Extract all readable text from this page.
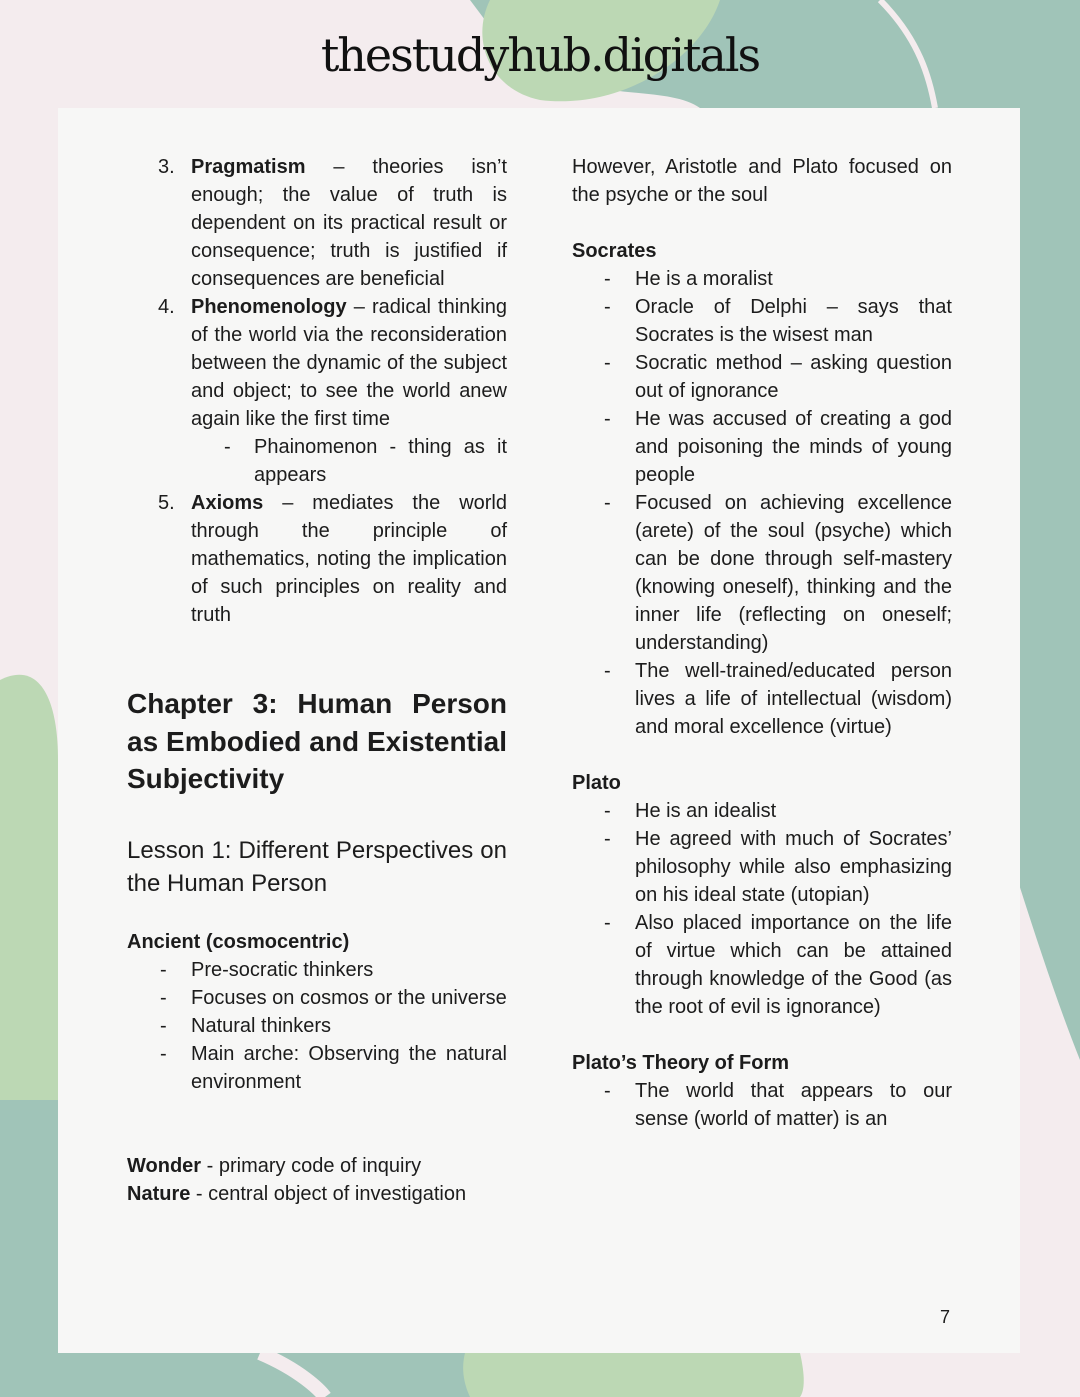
thestudyhub.digitals
3. Pragmatism – theories isn’t enough; the value of truth is dependent on its practical result or consequence; truth is justified if consequences are beneficial
4. Phenomenology – radical thinking of the world via the reconsideration between the dynamic of the subject and object; to see the world anew again like the first time
- Phainomenon - thing as it appears
5. Axioms – mediates the world through the principle of mathematics, noting the implication of such principles on reality and truth
Chapter 3: Human Person as Embodied and Existential Subjectivity
Lesson 1: Different Perspectives on the Human Person
Ancient (cosmocentric)
- Pre-socratic thinkers
- Focuses on cosmos or the universe
- Natural thinkers
- Main arche: Observing the natural environment
Wonder - primary code of inquiry
Nature - central object of investigation
However, Aristotle and Plato focused on the psyche or the soul
Socrates
- He is a moralist
- Oracle of Delphi – says that Socrates is the wisest man
- Socratic method – asking question out of ignorance
- He was accused of creating a god and poisoning the minds of young people
- Focused on achieving excellence (arete) of the soul (psyche) which can be done through self-mastery (knowing oneself), thinking and the inner life (reflecting on oneself; understanding)
- The well-trained/educated person lives a life of intellectual (wisdom) and moral excellence (virtue)
Plato
- He is an idealist
- He agreed with much of Socrates’ philosophy while also emphasizing on his ideal state (utopian)
- Also placed importance on the life of virtue which can be attained through knowledge of the Good (as the root of evil is ignorance)
Plato’s Theory of Form
- The world that appears to our sense (world of matter) is an
7
